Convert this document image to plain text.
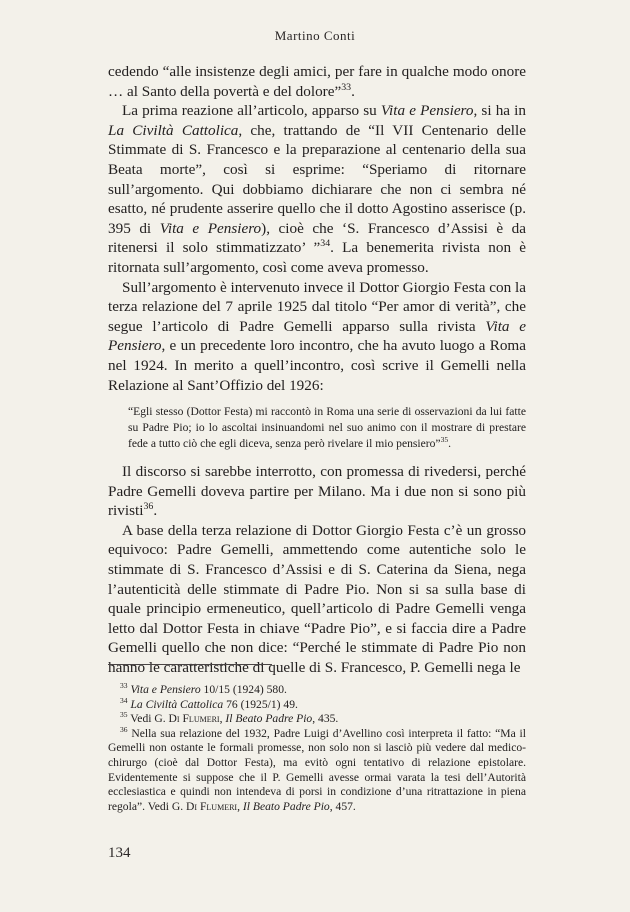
Martino Conti

cedendo “alle insistenze degli amici, per fare in qualche modo onore … al Santo della povertà e del dolore”$^{33}$.

La prima reazione all’articolo, apparso su Vita e Pensiero, si ha in La Civiltà Cattolica, che, trattando de “Il VII Centenario delle Stimmate di S. Francesco e la preparazione al centenario della sua Beata morte”, così si esprime: “Speriamo di ritornare sull’argomento. Qui dobbiamo dichiarare che non ci sembra né esatto, né prudente asserire quello che il dotto Agostino asserisce (p. 395 di Vita e Pensiero), cioè che ‘S. Francesco d’Assisi è da ritenersi il solo stimmatizzato’ ”$^{34}$. La benemerita rivista non è ritornata sull’argomento, così come aveva promesso.

Sull’argomento è intervenuto invece il Dottor Giorgio Festa con la terza relazione del 7 aprile 1925 dal titolo “Per amor di verità”, che segue l’articolo di Padre Gemelli apparso sulla rivista Vita e Pensiero, e un precedente loro incontro, che ha avuto luogo a Roma nel 1924. In merito a quell’incontro, così scrive il Gemelli nella Relazione al Sant’Offizio del 1926:

“Egli stesso (Dottor Festa) mi raccontò in Roma una serie di osservazioni da lui fatte su Padre Pio; io lo ascoltai insinuandomi nel suo animo con il mostrare di prestare fede a tutto ciò che egli diceva, senza però rivelare il mio pensiero”$^{35}$.

Il discorso si sarebbe interrotto, con promessa di rivedersi, perché Padre Gemelli doveva partire per Milano. Ma i due non si sono più rivisti$^{36}$.

A base della terza relazione di Dottor Giorgio Festa c’è un grosso equivoco: Padre Gemelli, ammettendo come autentiche solo le stimmate di S. Francesco d’Assisi e di S. Caterina da Siena, nega l’autenticità delle stimmate di Padre Pio. Non si sa sulla base di quale principio ermeneutico, quell’articolo di Padre Gemelli venga letto dal Dottor Festa in chiave “Padre Pio”, e si faccia dire a Padre Gemelli quello che non dice: “Perché le stimmate di Padre Pio non hanno le caratteristiche di quelle di S. Francesco, P. Gemelli nega le

$^{33}$ Vita e Pensiero 10/15 (1924) 580.

$^{34}$ La Civiltà Cattolica 76 (1925/1) 49.

$^{35}$ Vedi G. Di Flumeri, Il Beato Padre Pio, 435.

$^{36}$ Nella sua relazione del 1932, Padre Luigi d’Avellino così interpreta il fatto: “Ma il Gemelli non ostante le formali promesse, non solo non si lasciò più vedere dal medico-chirurgo (cioè dal Dottor Festa), ma evitò ogni tentativo di relazione epistolare. Evidentemente si suppose che il P. Gemelli avesse ormai varata la tesi dell’Autorità ecclesiastica e quindi non intendeva di porsi in condizione d’una ritrattazione in piena regola”. Vedi G. Di Flumeri, Il Beato Padre Pio, 457.

134
